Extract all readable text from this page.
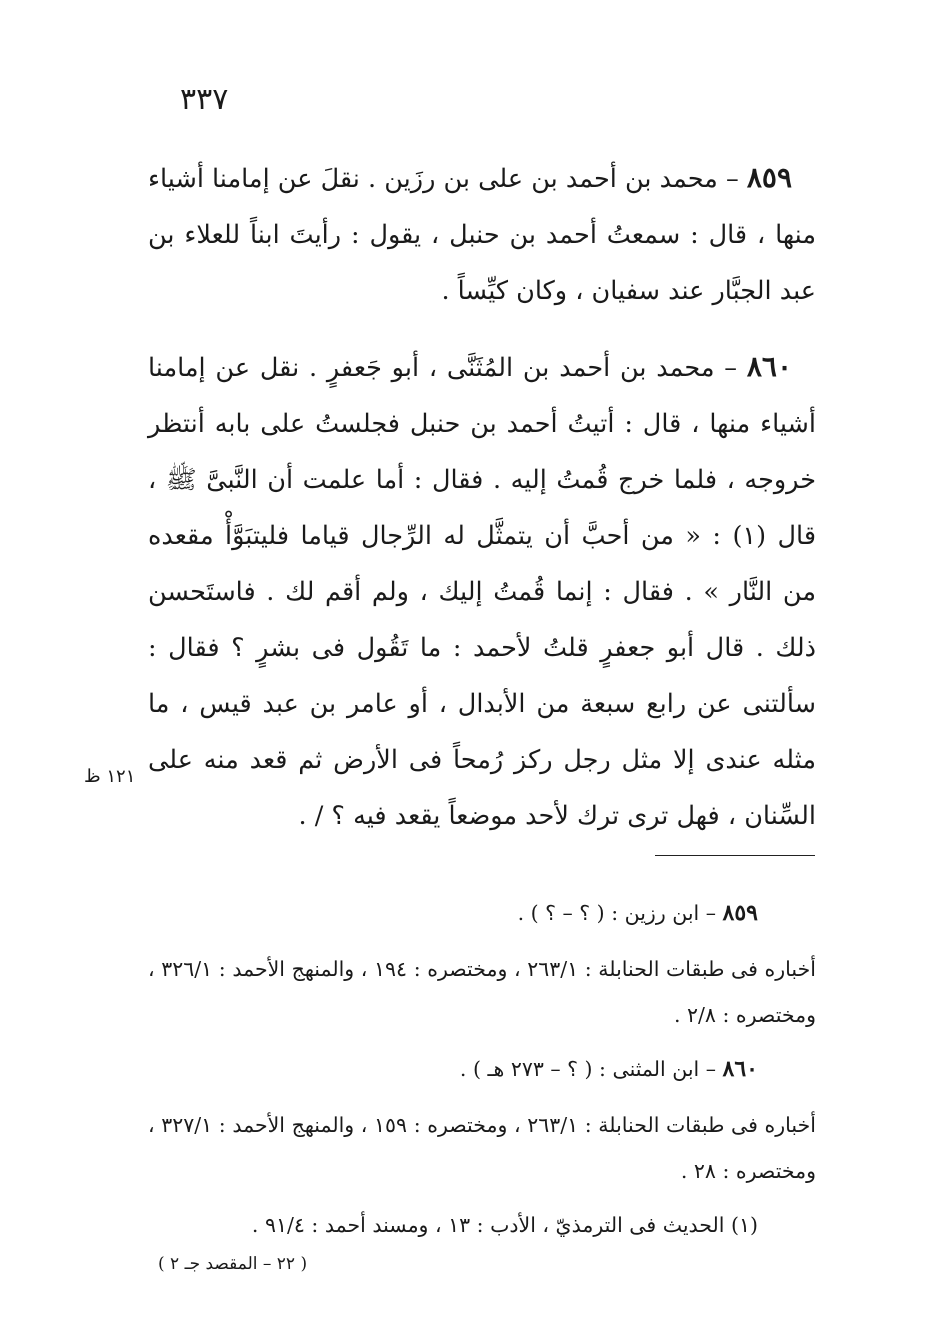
٣٣٧

٨٥٩ – محمد بن أحمد بن على بن رزَين . نقلَ عن إمامنا أشياء منها ، قال : سمعتُ أحمد بن حنبل ، يقول : رأيتَ ابناً للعلاء بن عبد الجبَّار عند سفيان ، وكان كيِّساً .

٨٦٠ – محمد بن أحمد بن المُثَنَّى ، أبو جَعفرٍ . نقل عن إمامنا أشياء منها ، قال : أتيتُ أحمد بن حنبل فجلستُ على بابه أنتظر خروجه ، فلما خرج قُمتُ إليه . فقال : أما علمت أن النَّبىَّ ﷺ ، قال (١) : « من أحبَّ أن يتمثَّل له الرِّجال قياما فليتبَوَّأْ مقعده من النَّار » . فقال : إنما قُمتُ إليك ، ولم أقم لك . فاستَحسن ذلك . قال أبو جعفرٍ قلتُ لأحمد : ما تَقُول فى بشرٍ ؟ فقال : سألتنى عن رابع سبعة من الأبدال ، أو عامر بن عبد قيس ، ما مثله عندى إلا مثل رجل ركز رُمحاً فى الأرض ثم قعد منه على السِّنان ، فهل ترى ترك لأحد موضعاً يقعد فيه ؟ / .

١٢١ ظ
٨٥٩ – ابن رزين : ( ؟ – ؟ ) .
أخباره فى طبقات الحنابلة : ٢٦٣/١ ، ومختصره : ١٩٤ ، والمنهج الأحمد : ٣٢٦/١ ، ومختصره : ٢/٨ .
٨٦٠ – ابن المثنى : ( ؟ – ٢٧٣ هـ ) .
أخباره فى طبقات الحنابلة : ٢٦٣/١ ، ومختصره : ١٥٩ ، والمنهج الأحمد : ٣٢٧/١ ، ومختصره : ٢٨ .
(١) الحديث فى الترمذيّ ، الأدب : ١٣ ، ومسند أحمد : ٩١/٤ .
( ٢٢ – المقصد جـ ٢ )
